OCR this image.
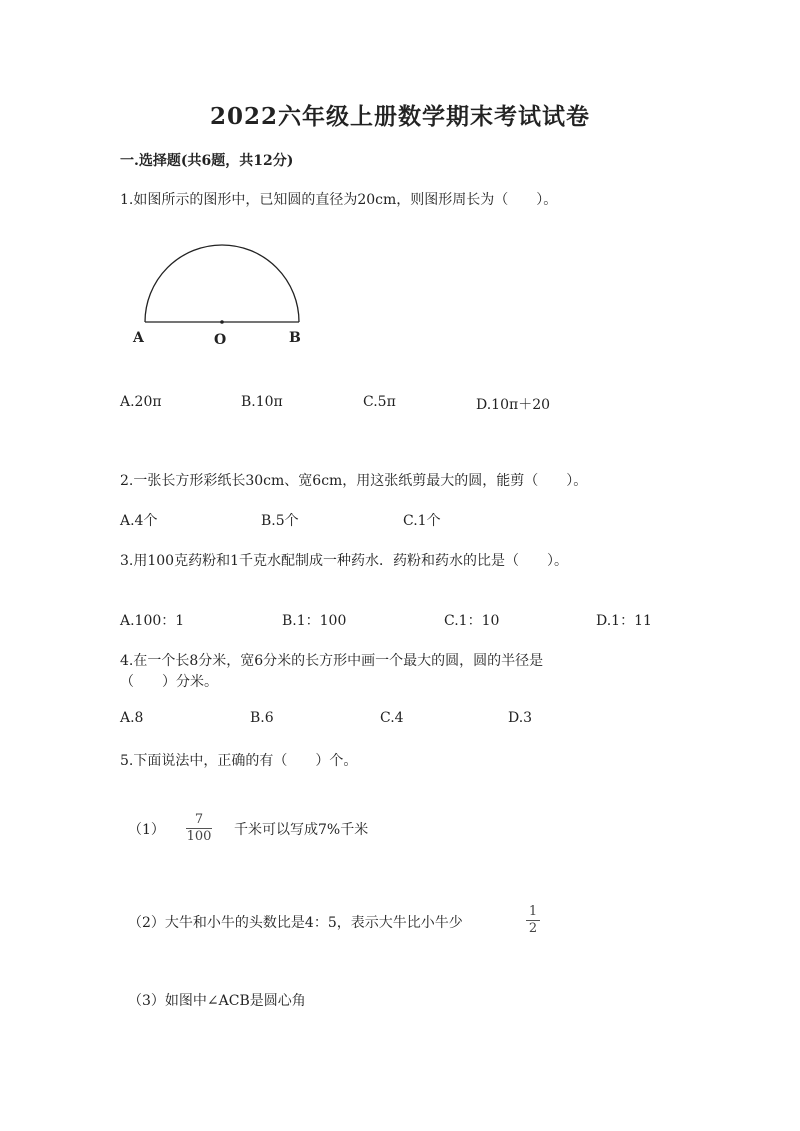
2022六年级上册数学期末考试试卷
一.选择题(共6题，共12分)
1.如图所示的图形中，已知圆的直径为20cm，则图形周长为（　　）。
A	O	B
A.20π	B.10π	C.5π	D.10π＋20
2.一张长方形彩纸长30cm、宽6cm，用这张纸剪最大的圆，能剪（　　）。
A.4个	B.5个	C.1个
3.用100克药粉和1千克水配制成一种药水．药粉和药水的比是（　　）。
A.100：1	B.1：100	C.1：10	D.1：11
4.在一个长8分米，宽6分米的长方形中画一个最大的圆，圆的半径是
（　　）分米。
A.8	B.6	C.4	D.3
5.下面说法中，正确的有（　　）个。
（1）
7
100 千米可以写成7%千米
（2）大牛和小牛的头数比是4：5，表示大牛比小牛少
1
2
（3）如图中∠ACB是圆心角
